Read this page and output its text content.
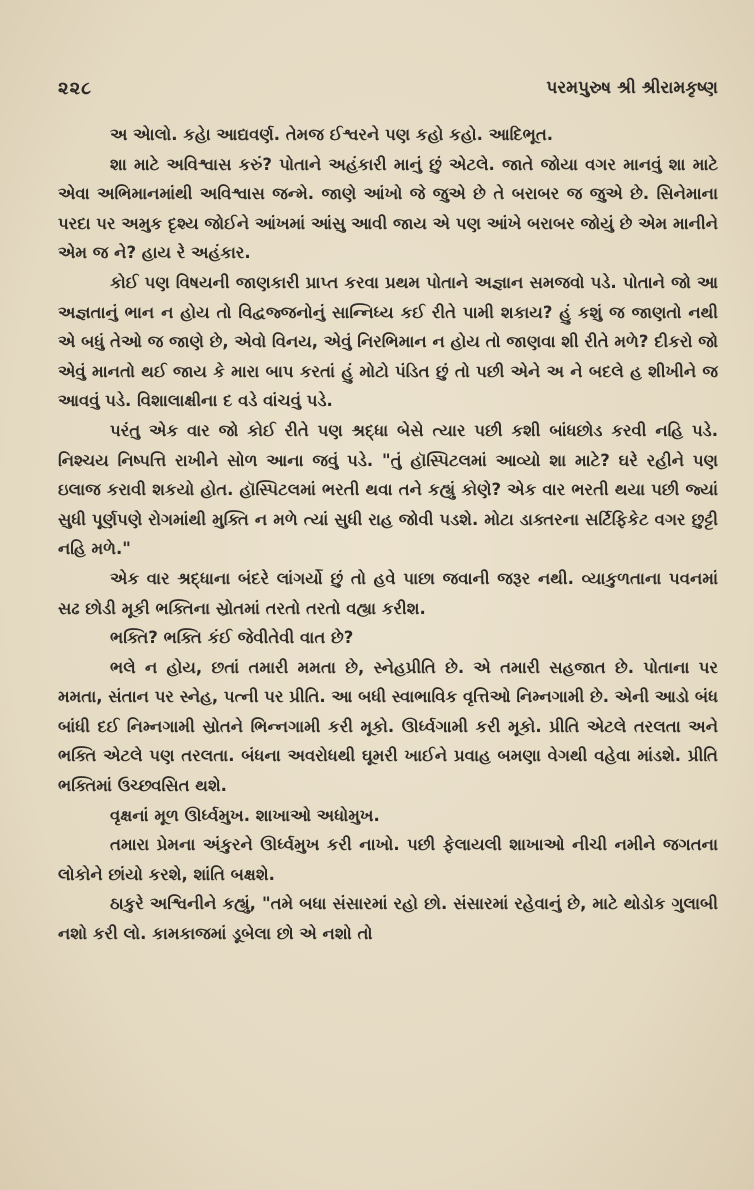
૨૨૮	પરમપુરુષ શ્રી શ્રીરામકૃષ્ણ

અ એાલો. કહેા આદ્યવર્ણ. તેમજ ઈશ્વરને પણ કહો કહો. આદિભૂત.

શા માટે અવિશ્વાસ કરું? પોતાને અહંકારી માનું છું એટલે. જાતે જોયા વગર માનવું શા માટે એવા અભિમાનમાંથી અવિશ્વાસ જન્મે. જાણે આંખો જે જુએ છે તે બરાબર જ જુએ છે. સિનેમાના પરદા પર અમુક દૃશ્ય જોઈને આંખમાં આંસુ આવી જાય એ પણ આંખે બરાબર જોયું છે એમ માનીને એમ જ ને? હાય રે અહંકાર.

કોઈ પણ વિષયની જાણકારી પ્રાપ્ત કરવા પ્રથમ પોતાને અજ્ઞાન સમજવો પડે. પોતાને જો આ અજ્ઞતાનું ભાન ન હોય તો વિદ્વજ્જનોનું સાન્નિધ્ય કઈ રીતે પામી શકાય? હું કશું જ જાણતો નથી એ બધું તેઓ જ જાણે છે, એવો વિનય, એવું નિરભિમાન ન હોય તો જાણવા શી રીતે મળે? દીકરો જો એવું માનતો થઈ જાય કે મારા બાપ કરતાં હું મોટો પંડિત છું તો પછી એને અ ને બદલે હ શીખીને જ આવવું પડે. વિશાલાક્ષીના દ વડે વાંચવું પડે.

પરંતુ એક વાર જો કોઈ રીતે પણ શ્રદ્ધા બેસે ત્યાર પછી કશી બાંધછોડ કરવી નહિ પડે. નિશ્ચય નિષ્પત્તિ રાખીને સોળ આના જવું પડે. "તું હૉસ્પિટલમાં આવ્યો શા માટે? ઘરે રહીને પણ ઇલાજ કરાવી શકયો હોત. હૉસ્પિટલમાં ભરતી થવા તને કહ્યું કોણે? એક વાર ભરતી થયા પછી જ્યાં સુધી પૂર્ણપણે રોગમાંથી મુક્તિ ન મળે ત્યાં સુધી રાહ જોવી પડશે. મોટા ડાક્તરના સર્ટિફિકેટ વગર છુટ્ટી નહિ મળે."

એક વાર શ્રદ્ધાના બંદરે લાંગર્યો છું તો હવે પાછા જવાની જરૂર નથી. વ્યાકુળતાના પવનમાં સઢ છોડી મૂકી ભક્તિના સ્રોતમાં તરતો તરતો વહ્યા કરીશ.

ભક્તિ? ભક્તિ કંઈ જેવીતેવી વાત છે?

ભલે ન હોય, છતાં તમારી મમતા છે, સ્નેહપ્રીતિ છે. એ તમારી સહજાત છે. પોતાના પર મમતા, સંતાન પર સ્નેહ, પત્ની પર પ્રીતિ. આ બધી સ્વાભાવિક વૃત્તિઓ નિમ્નગામી છે. એની આડો બંધ બાંધી દઈ નિમ્નગામી સ્રોતને ભિન્નગામી કરી મૂકો. ઊર્ધ્વગામી કરી મૂકો. પ્રીતિ એટલે તરલતા અને ભક્તિ એટલે પણ તરલતા. બંધના અવરોધથી ઘૂમરી ખાઈને પ્રવાહ બમણા વેગથી વહેવા માંડશે. પ્રીતિ ભક્તિમાં ઉચ્છ્વસિત થશે.

વૃક્ષનાં મૂળ ઊર્ધ્વમુખ. શાખાઓ અધોમુખ.

તમારા પ્રેમના અંકુરને ઊર્ધ્વમુખ કરી નાખો. પછી ફેલાયલી શાખાઓ નીચી નમીને જગતના લોકોને છાંયો કરશે, શાંતિ બક્ષશે.

ઠાકુરે અશ્વિનીને કહ્યું, "તમે બધા સંસારમાં રહો છો. સંસારમાં રહેવાનું છે, માટે થોડોક ગુલાબી નશો કરી લો. કામકાજમાં ડૂબેલા છો એ નશો તો
